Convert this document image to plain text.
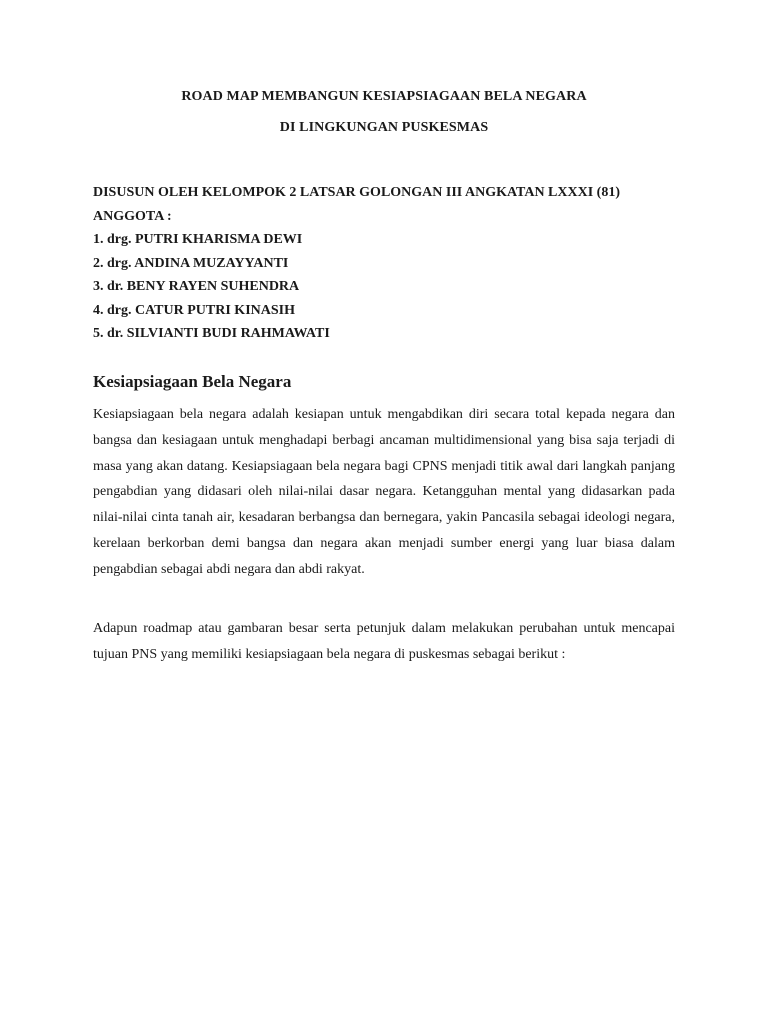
ROAD MAP MEMBANGUN KESIAPSIAGAAN BELA NEGARA
DI LINGKUNGAN PUSKESMAS
DISUSUN OLEH KELOMPOK 2 LATSAR GOLONGAN III ANGKATAN LXXXI (81)
ANGGOTA :
1. drg. PUTRI KHARISMA DEWI
2. drg. ANDINA MUZAYYANTI
3. dr. BENY RAYEN SUHENDRA
4. drg. CATUR PUTRI KINASIH
5. dr. SILVIANTI BUDI RAHMAWATI
Kesiapsiagaan Bela Negara

Kesiapsiagaan bela negara adalah kesiapan untuk mengabdikan diri secara total kepada negara dan bangsa dan kesiagaan untuk menghadapi berbagi ancaman multidimensional yang bisa saja terjadi di masa yang akan datang. Kesiapsiagaan bela negara bagi CPNS menjadi titik awal dari langkah panjang pengabdian yang didasari oleh nilai-nilai dasar negara. Ketangguhan mental yang didasarkan pada nilai-nilai cinta tanah air, kesadaran berbangsa dan bernegara, yakin Pancasila sebagai ideologi negara, kerelaan berkorban demi bangsa dan negara akan menjadi sumber energi yang luar biasa dalam pengabdian sebagai abdi negara dan abdi rakyat.

Adapun roadmap atau gambaran besar serta petunjuk dalam melakukan perubahan untuk mencapai tujuan PNS yang memiliki kesiapsiagaan bela negara di puskesmas sebagai berikut :
